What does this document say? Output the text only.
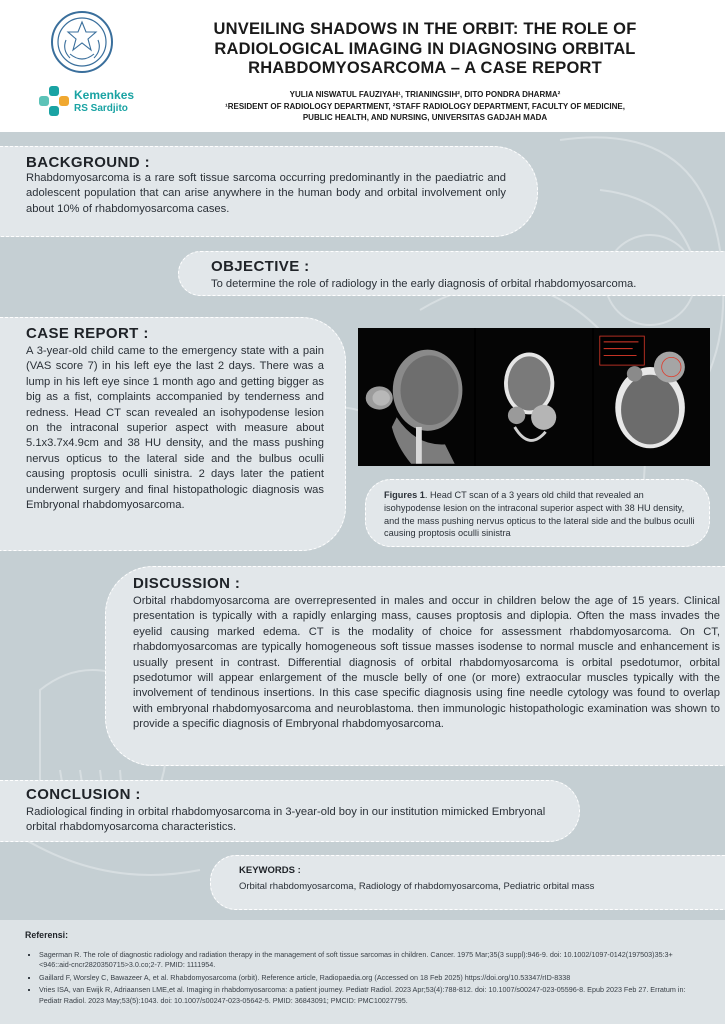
Kemenkes
RS Sardjito
UNVEILING SHADOWS IN THE ORBIT: THE ROLE OF RADIOLOGICAL IMAGING IN DIAGNOSING ORBITAL RHABDOMYOSARCOMA – A CASE REPORT
YULIA NISWATUL FAUZIYAH¹, TRIANINGSIH², DITO PONDRA DHARMA²
¹RESIDENT OF RADIOLOGY DEPARTMENT, ²STAFF RADIOLOGY DEPARTMENT, FACULTY OF MEDICINE,
PUBLIC HEALTH, AND NURSING, UNIVERSITAS GADJAH MADA
BACKGROUND :
Rhabdomyosarcoma is a rare soft tissue sarcoma occurring predominantly in the paediatric and adolescent population that can arise anywhere in the human body and orbital involvement only about 10% of rhabdomyosarcoma cases.
OBJECTIVE :
To determine the role of radiology in the early diagnosis of orbital rhabdomyosarcoma.
CASE REPORT :
A 3-year-old child came to the emergency state with a pain (VAS score 7) in his left eye the last 2 days. There was a lump in his left eye since 1 month ago and getting bigger as big as a fist, complaints accompanied by tenderness and redness. Head CT scan revealed an isohypodense lesion on the intraconal superior aspect with measure about 5.1x3.7x4.9cm and 38 HU density, and the mass pushing nervus opticus to the lateral side and the bulbus oculli causing proptosis oculli sinistra. 2 days later the patient underwent surgery and final histopathologic diagnosis was Embryonal rhabdomyosarcoma.
Figures 1. Head CT scan of a 3 years old child that revealed an isohypodense lesion on the intraconal superior aspect with 38 HU density, and the mass pushing nervus opticus to the lateral side and the bulbus oculli causing proptosis oculli sinistra
DISCUSSION :
Orbital rhabdomyosarcoma are overrepresented in males and occur in children below the age of 15 years. Clinical presentation is typically with a rapidly enlarging mass, causes proptosis and diplopia. Often the mass invades the eyelid causing marked edema. CT is the modality of choice for assessment rhabdomyosarcoma. On CT, rhabdomyosarcomas are typically homogeneous soft tissue masses isodense to normal muscle and enhancement is usually present in contrast. Differential diagnosis of orbital rhabdomyosarcoma is orbital psedotumor, orbital psedotumor will appear enlargement of the muscle belly of one (or more) extraocular muscles typically with the involvement of tendinous insertions. In this case specific diagnosis using fine needle cytology was found to overlap with embryonal rhabdomyosarcoma and neuroblastoma. then immunologic histopathologic examination was shown to provide a specific diagnosis of Embryonal rhabdomyosarcoma.
CONCLUSION :
Radiological finding in orbital rhabdomyosarcoma in 3-year-old boy in our institution mimicked Embryonal orbital rhabdomyosarcoma characteristics.
KEYWORDS :
Orbital rhabdomyosarcoma, Radiology of rhabdomyosarcoma, Pediatric orbital mass
Referensi:
▪ Sagerman R. The role of diagnostic radiology and radiation therapy in the management of soft tissue sarcomas in children. Cancer. 1975 Mar;35(3 suppl):946-9. doi: 10.1002/1097-0142(197503)35:3+<946::aid-cncr2820350715>3.0.co;2-7. PMID: 1111954.
▪ Gaillard F, Worsley C, Bawazeer A, et al. Rhabdomyosarcoma (orbit). Reference article, Radiopaedia.org (Accessed on 18 Feb 2025) https://doi.org/10.53347/rID-8338
▪ Vries ISA, van Ewijk R, Adriaansen LME,et al. Imaging in rhabdomyosarcoma: a patient journey. Pediatr Radiol. 2023 Apr;53(4):788-812. doi: 10.1007/s00247-023-05596-8. Epub 2023 Feb 27. Erratum in: Pediatr Radiol. 2023 May;53(5):1043. doi: 10.1007/s00247-023-05642-5. PMID: 36843091; PMCID: PMC10027795.
